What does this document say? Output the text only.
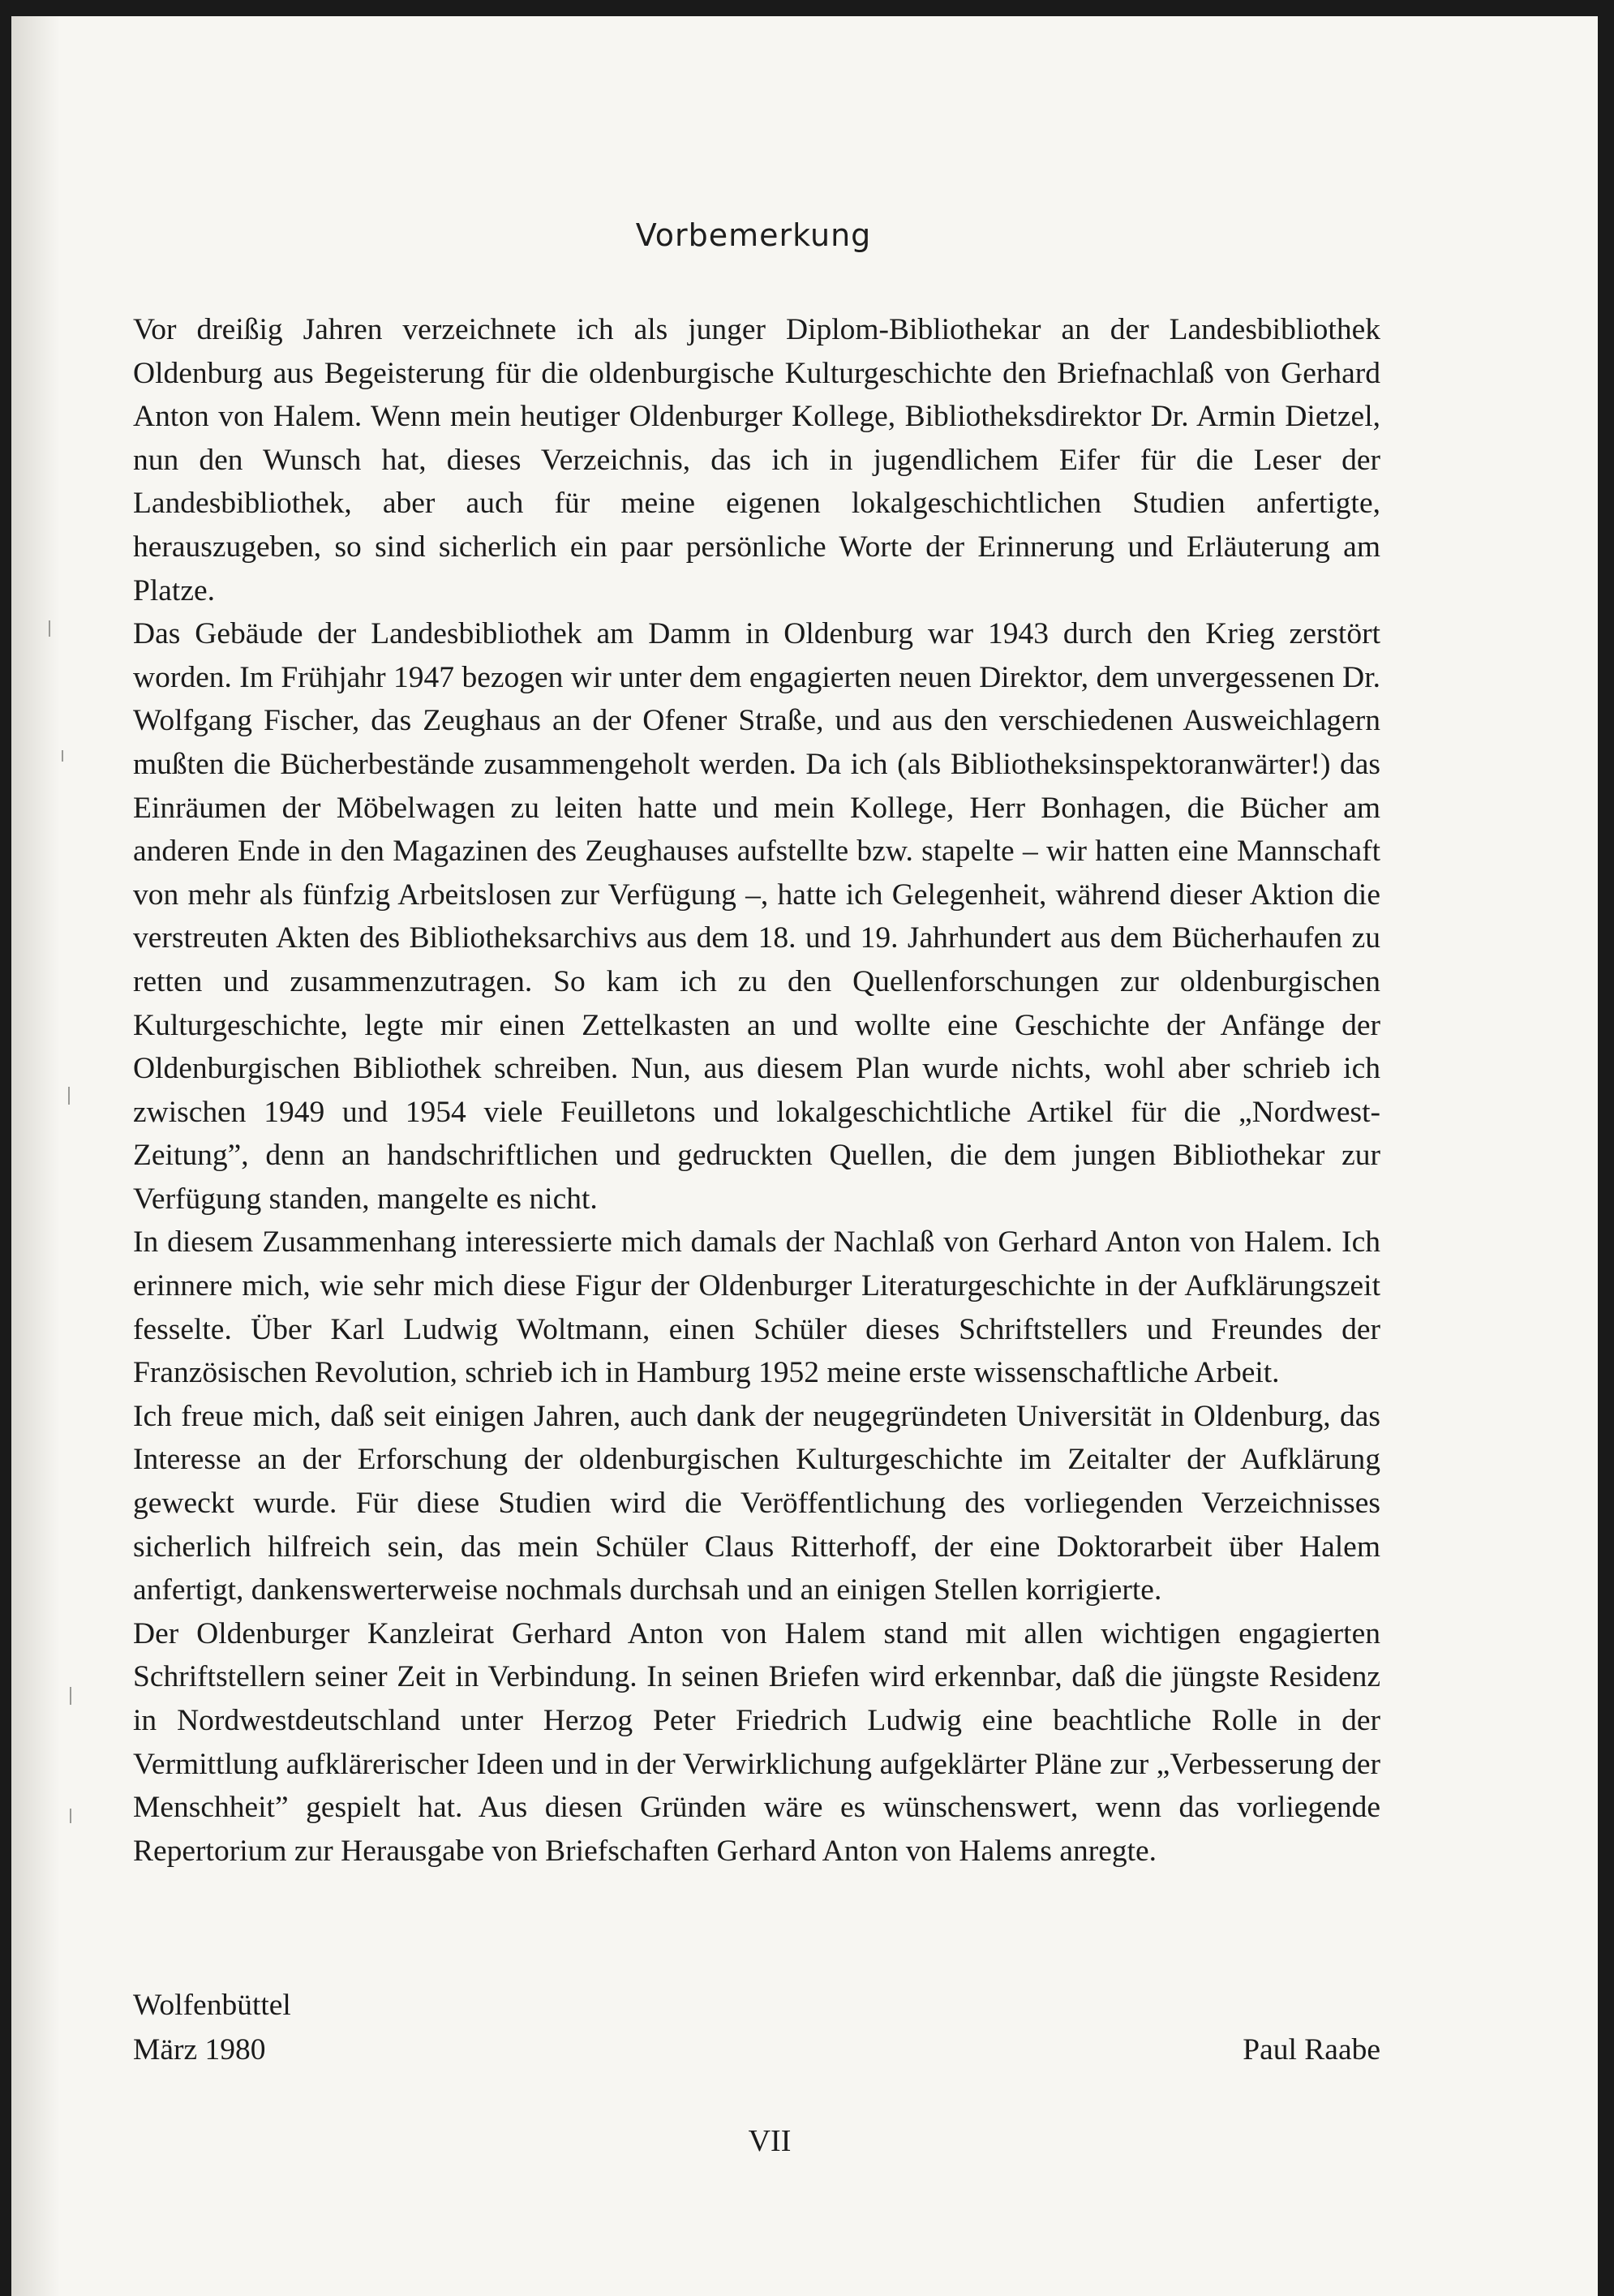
Vorbemerkung

Vor dreißig Jahren verzeichnete ich als junger Diplom-Bibliothekar an der Landesbibliothek Oldenburg aus Begeisterung für die oldenburgische Kulturgeschichte den Briefnachlaß von Gerhard Anton von Halem. Wenn mein heutiger Oldenburger Kollege, Bibliotheksdirektor Dr. Armin Dietzel, nun den Wunsch hat, dieses Verzeichnis, das ich in jugendlichem Eifer für die Leser der Landesbibliothek, aber auch für meine eigenen lokalgeschichtlichen Studien anfertigte, herauszugeben, so sind sicherlich ein paar persönliche Worte der Erinnerung und Erläuterung am Platze.

Das Gebäude der Landesbibliothek am Damm in Oldenburg war 1943 durch den Krieg zerstört worden. Im Frühjahr 1947 bezogen wir unter dem engagierten neuen Direktor, dem unvergessenen Dr. Wolfgang Fischer, das Zeughaus an der Ofener Straße, und aus den verschiedenen Ausweichlagern mußten die Bücherbestände zusammengeholt werden. Da ich (als Bibliotheksinspektoranwärter!) das Einräumen der Möbelwagen zu leiten hatte und mein Kollege, Herr Bonhagen, die Bücher am anderen Ende in den Magazinen des Zeughauses aufstellte bzw. stapelte – wir hatten eine Mannschaft von mehr als fünfzig Arbeitslosen zur Verfügung –, hatte ich Gelegenheit, während dieser Aktion die verstreuten Akten des Bibliotheksarchivs aus dem 18. und 19. Jahrhundert aus dem Bücherhaufen zu retten und zusammenzutragen. So kam ich zu den Quellenforschungen zur oldenburgischen Kulturgeschichte, legte mir einen Zettelkasten an und wollte eine Geschichte der Anfänge der Oldenburgischen Bibliothek schreiben. Nun, aus diesem Plan wurde nichts, wohl aber schrieb ich zwischen 1949 und 1954 viele Feuilletons und lokalgeschichtliche Artikel für die „Nordwest-Zeitung”, denn an handschriftlichen und gedruckten Quellen, die dem jungen Bibliothekar zur Verfügung standen, mangelte es nicht.

In diesem Zusammenhang interessierte mich damals der Nachlaß von Gerhard Anton von Halem. Ich erinnere mich, wie sehr mich diese Figur der Oldenburger Literaturgeschichte in der Aufklärungszeit fesselte. Über Karl Ludwig Woltmann, einen Schüler dieses Schriftstellers und Freundes der Französischen Revolution, schrieb ich in Hamburg 1952 meine erste wissenschaftliche Arbeit.

Ich freue mich, daß seit einigen Jahren, auch dank der neugegründeten Universität in Oldenburg, das Interesse an der Erforschung der oldenburgischen Kulturgeschichte im Zeitalter der Aufklärung geweckt wurde. Für diese Studien wird die Veröffentlichung des vorliegenden Verzeichnisses sicherlich hilfreich sein, das mein Schüler Claus Ritterhoff, der eine Doktorarbeit über Halem anfertigt, dankenswerterweise nochmals durchsah und an einigen Stellen korrigierte.

Der Oldenburger Kanzleirat Gerhard Anton von Halem stand mit allen wichtigen engagierten Schriftstellern seiner Zeit in Verbindung. In seinen Briefen wird erkennbar, daß die jüngste Residenz in Nordwestdeutschland unter Herzog Peter Friedrich Ludwig eine beachtliche Rolle in der Vermittlung aufklärerischer Ideen und in der Verwirklichung aufgeklärter Pläne zur „Verbesserung der Menschheit” gespielt hat. Aus diesen Gründen wäre es wünschenswert, wenn das vorliegende Repertorium zur Herausgabe von Briefschaften Gerhard Anton von Halems anregte.

Wolfenbüttel
März 1980	Paul Raabe
VII
